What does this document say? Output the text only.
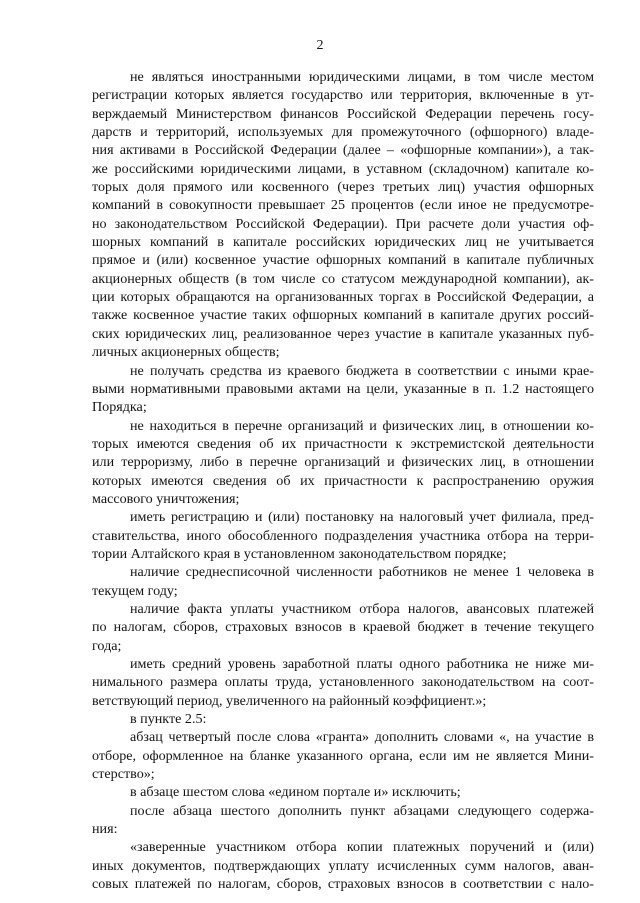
2
не являться иностранными юридическими лицами, в том числе местом
регистрации которых является государство или территория, включенные в ут-
верждаемый Министерством финансов Российской Федерации перечень госу-
дарств и территорий, используемых для промежуточного (офшорного) владе-
ния активами в Российской Федерации (далее – «офшорные компании»), а так-
же российскими юридическими лицами, в уставном (складочном) капитале ко-
торых доля прямого или косвенного (через третьих лиц) участия офшорных
компаний в совокупности превышает 25 процентов (если иное не предусмотре-
но законодательством Российской Федерации). При расчете доли участия оф-
шорных компаний в капитале российских юридических лиц не учитывается
прямое и (или) косвенное участие офшорных компаний в капитале публичных
акционерных обществ (в том числе со статусом международной компании), ак-
ции которых обращаются на организованных торгах в Российской Федерации, а
также косвенное участие таких офшорных компаний в капитале других россий-
ских юридических лиц, реализованное через участие в капитале указанных пуб-
личных акционерных обществ;
не получать средства из краевого бюджета в соответствии с иными крае-
выми нормативными правовыми актами на цели, указанные в п. 1.2 настоящего
Порядка;
не находиться в перечне организаций и физических лиц, в отношении ко-
торых имеются сведения об их причастности к экстремистской деятельности
или терроризму, либо в перечне организаций и физических лиц, в отношении
которых имеются сведения об их причастности к распространению оружия
массового уничтожения;
иметь регистрацию и (или) постановку на налоговый учет филиала, пред-
ставительства, иного обособленного подразделения участника отбора на терри-
тории Алтайского края в установленном законодательством порядке;
наличие среднесписочной численности работников не менее 1 человека в
текущем году;
наличие факта уплаты участником отбора налогов, авансовых платежей
по налогам, сборов, страховых взносов в краевой бюджет в течение текущего
года;
иметь средний уровень заработной платы одного работника не ниже ми-
нимального размера оплаты труда, установленного законодательством на соот-
ветствующий период, увеличенного на районный коэффициент.»;
в пункте 2.5:
абзац четвертый после слова «гранта» дополнить словами «, на участие в
отборе, оформленное на бланке указанного органа, если им не является Мини-
стерство»;
в абзаце шестом слова «едином портале и» исключить;
после абзаца шестого дополнить пункт абзацами следующего содержа-
ния:
«заверенные участником отбора копии платежных поручений и (или)
иных документов, подтверждающих уплату исчисленных сумм налогов, аван-
совых платежей по налогам, сборов, страховых взносов в соответствии с нало-
